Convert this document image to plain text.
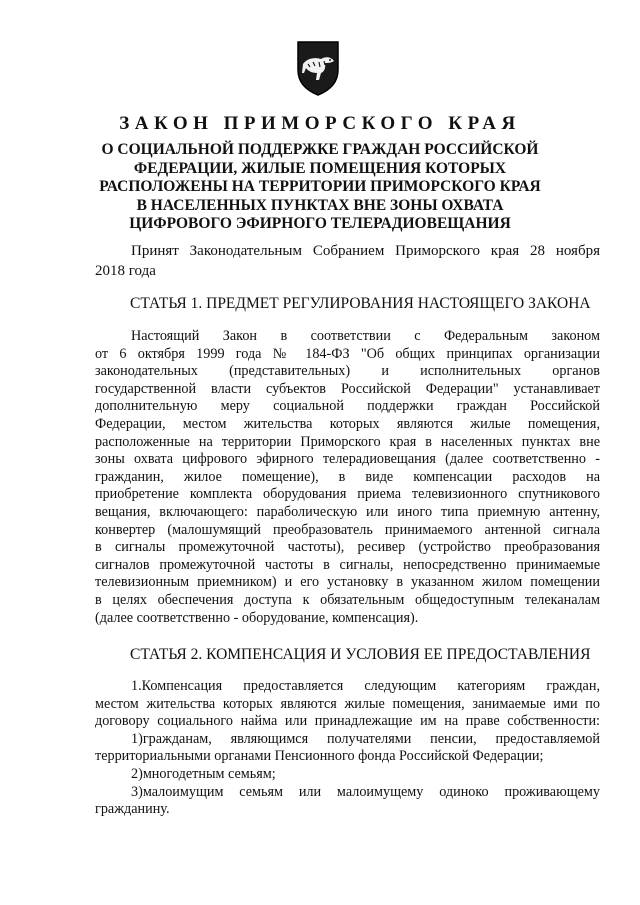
ЗАКОН ПРИМОРСКОГО КРАЯ
О СОЦИАЛЬНОЙ ПОДДЕРЖКЕ ГРАЖДАН РОССИЙСКОЙ
ФЕДЕРАЦИИ, ЖИЛЫЕ ПОМЕЩЕНИЯ КОТОРЫХ
РАСПОЛОЖЕНЫ НА ТЕРРИТОРИИ ПРИМОРСКОГО КРАЯ
В НАСЕЛЕННЫХ ПУНКТАХ ВНЕ ЗОНЫ ОХВАТА
ЦИФРОВОГО ЭФИРНОГО ТЕЛЕРАДИОВЕЩАНИЯ
Принят Законодательным Собранием Приморского края 28 ноября
2018 года
СТАТЬЯ 1. ПРЕДМЕТ РЕГУЛИРОВАНИЯ НАСТОЯЩЕГО ЗАКОНА
Настоящий Закон в соответствии с Федеральным законом
от 6 октября 1999 года № 184-ФЗ "Об общих принципах организации
законодательных (представительных) и исполнительных органов
государственной власти субъектов Российской Федерации" устанавливает
дополнительную меру социальной поддержки граждан Российской
Федерации, местом жительства которых являются жилые помещения,
расположенные на территории Приморского края в населенных пунктах вне
зоны охвата цифрового эфирного телерадиовещания (далее соответственно -
гражданин, жилое помещение), в виде компенсации расходов на
приобретение комплекта оборудования приема телевизионного спутникового
вещания, включающего: параболическую или иного типа приемную антенну,
конвертер (малошумящий преобразователь принимаемого антенной сигнала
в сигналы промежуточной частоты), ресивер (устройство преобразования
сигналов промежуточной частоты в сигналы, непосредственно принимаемые
телевизионным приемником) и его установку в указанном жилом помещении
в целях обеспечения доступа к обязательным общедоступным телеканалам
(далее соответственно - оборудование, компенсация).
СТАТЬЯ 2. КОМПЕНСАЦИЯ И УСЛОВИЯ ЕЕ ПРЕДОСТАВЛЕНИЯ
1.Компенсация предоставляется следующим категориям граждан,
местом жительства которых являются жилые помещения, занимаемые ими по
договору социального найма или принадлежащие им на праве собственности:
1)гражданам, являющимся получателями пенсии, предоставляемой
территориальными органами Пенсионного фонда Российской Федерации;
2)многодетным семьям;
3)малоимущим семьям или малоимущему одиноко проживающему
гражданину.
